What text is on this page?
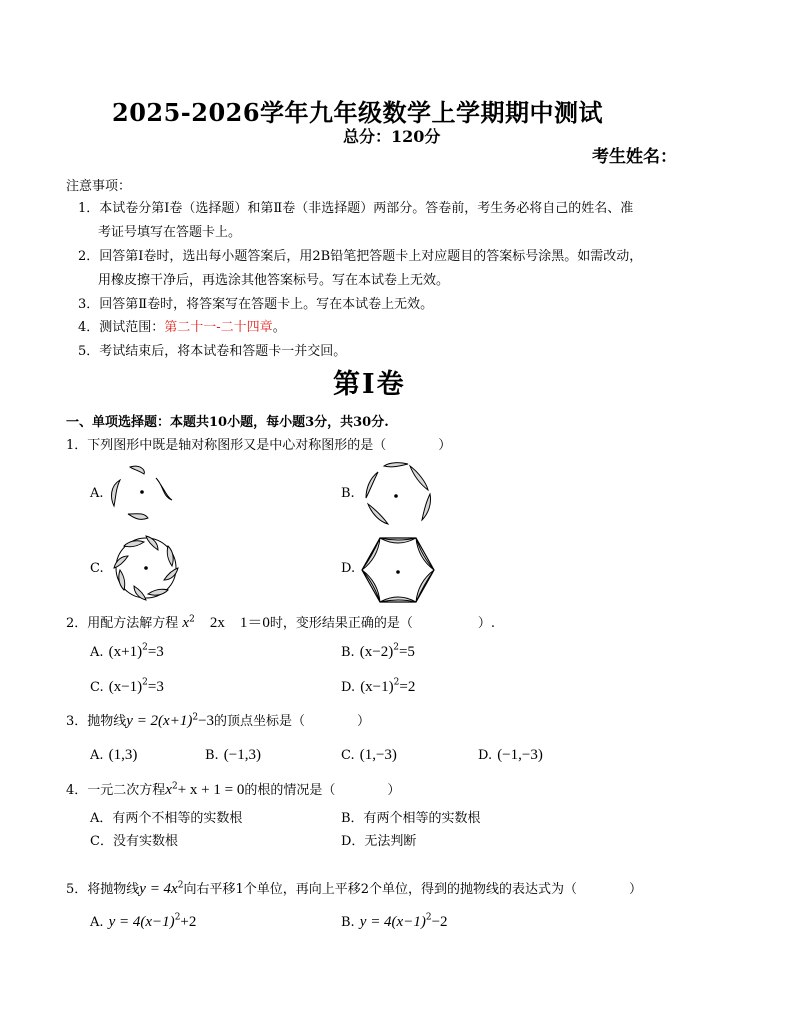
2025-2026学年九年级数学上学期期中测试
总分：120分
考生姓名：
注意事项：
1．本试卷分第Ⅰ卷（选择题）和第Ⅱ卷（非选择题）两部分。答卷前，考生务必将自己的姓名、准
考证号填写在答题卡上。
2．回答第Ⅰ卷时，选出每小题答案后，用2B铅笔把答题卡上对应题目的答案标号涂黑。如需改动，
用橡皮擦干净后，再选涂其他答案标号。写在本试卷上无效。
3．回答第Ⅱ卷时，将答案写在答题卡上。写在本试卷上无效。
4．测试范围：第二十一-二十四章。
5．考试结束后，将本试卷和答题卡一并交回。
第Ⅰ卷
一、单项选择题：本题共10小题，每小题3分，共30分.
1．下列图形中既是轴对称图形又是中心对称图形的是（　　　　）
A.	B.
C.	D.
2．用配方法解方程 $x^2$　2x　1＝0时，变形结果正确的是（　　　　　）.
A. $(x+1)^2=3$	B. $(x-2)^2=5$
C. $(x-1)^2=3$	D. $(x-1)^2=2$
3．抛物线$y = 2(x+1)^2-3$的顶点坐标是（　　　　）
A. (1,3)	B. (−1,3)	C. (1,−3)	D. (−1,−3)
4．一元二次方程$x^2+ x + 1 = 0$的根的情况是（　　　　）
A．有两个不相等的实数根	B．有两个相等的实数根
C．没有实数根	D．无法判断
5．将抛物线$y = 4x^2$向右平移1个单位，再向上平移2个单位，得到的抛物线的表达式为（　　　　）
A. $y = 4(x-1)^2+2$	B. $y = 4(x-1)^2-2$
